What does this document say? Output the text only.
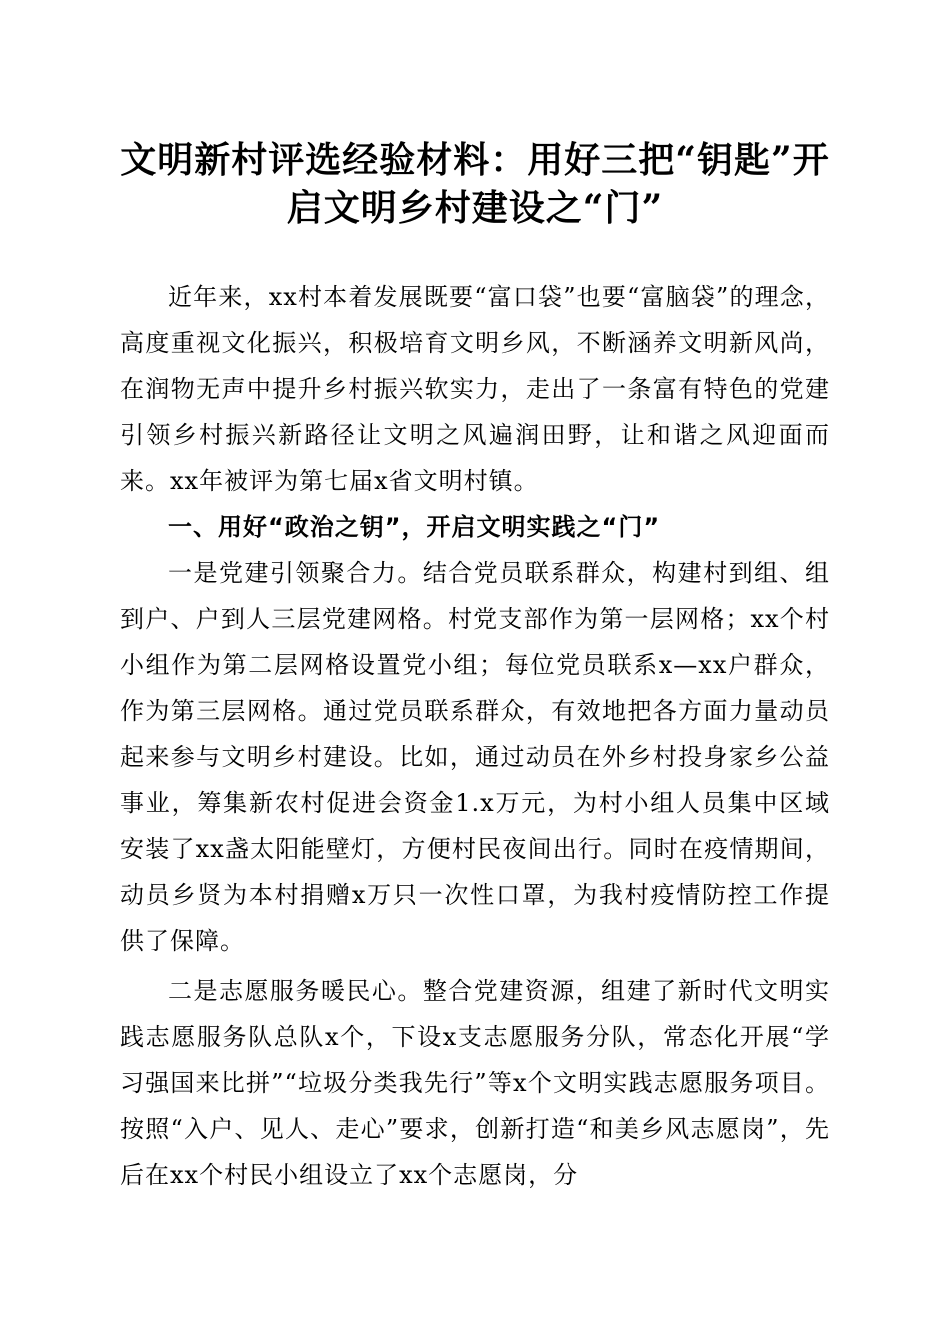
文明新村评选经验材料：用好三把“钥匙”开
启文明乡村建设之“门”

近年来，xx村本着发展既要“富口袋”也要“富脑袋”的理念，高度重视文化振兴，积极培育文明乡风，不断涵养文明新风尚，在润物无声中提升乡村振兴软实力，走出了一条富有特色的党建引领乡村振兴新路径让文明之风遍润田野，让和谐之风迎面而来。xx年被评为第七届x省文明村镇。

一、用好“政治之钥”，开启文明实践之“门”

一是党建引领聚合力。结合党员联系群众，构建村到组、组到户、户到人三层党建网格。村党支部作为第一层网格；xx个村小组作为第二层网格设置党小组；每位党员联系x—xx户群众，作为第三层网格。通过党员联系群众，有效地把各方面力量动员起来参与文明乡村建设。比如，通过动员在外乡村投身家乡公益事业，筹集新农村促进会资金1.x万元，为村小组人员集中区域安装了xx盏太阳能壁灯，方便村民夜间出行。同时在疫情期间，动员乡贤为本村捐赠x万只一次性口罩，为我村疫情防控工作提供了保障。

二是志愿服务暖民心。整合党建资源，组建了新时代文明实践志愿服务队总队x个，下设x支志愿服务分队，常态化开展“学习强国来比拼”“垃圾分类我先行”等x个文明实践志愿服务项目。按照“入户、见人、走心”要求，创新打造“和美乡风志愿岗”，先后在xx个村民小组设立了xx个志愿岗，分
